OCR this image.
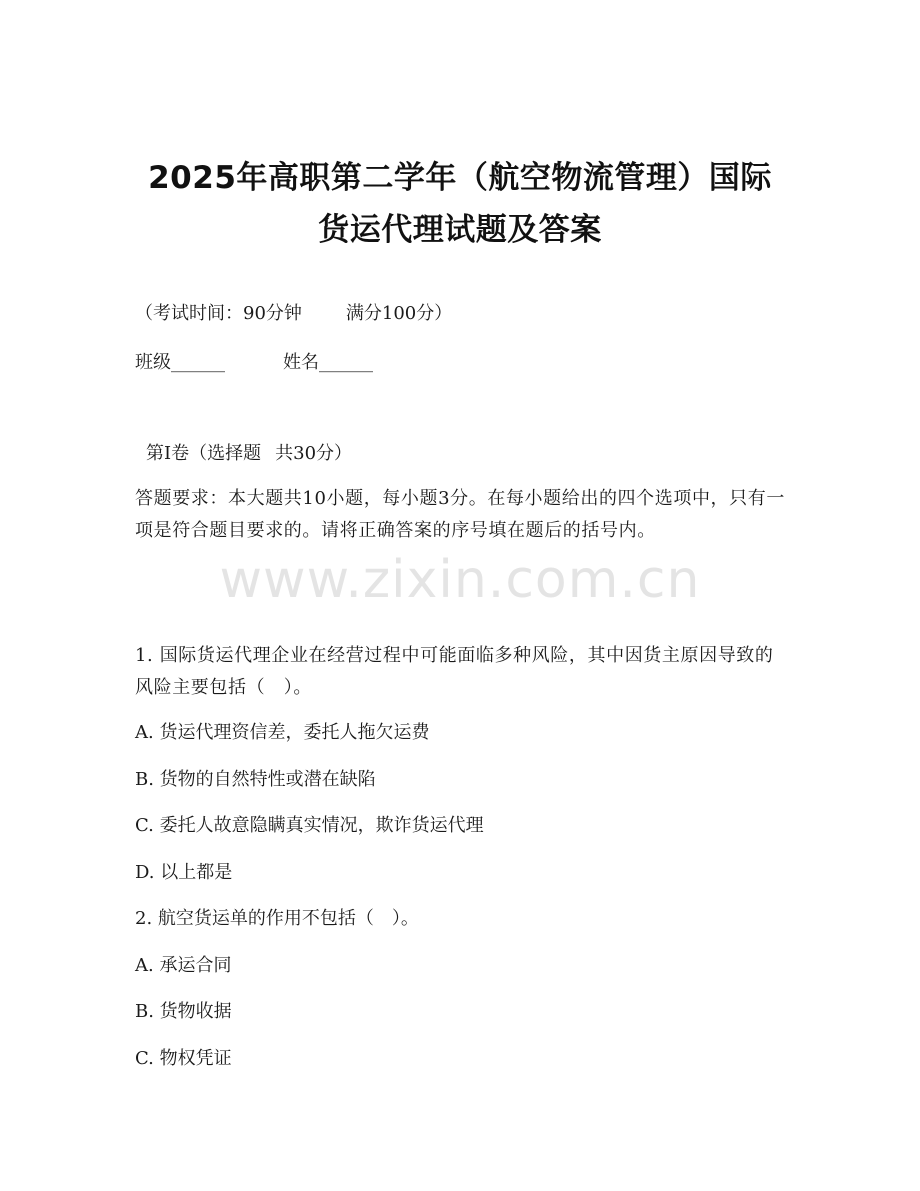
2025年高职第二学年（航空物流管理）国际
货运代理试题及答案
（考试时间：90分钟 满分100分）
班级______	姓名______
第I卷（选择题 共30分）
答题要求：本大题共10小题，每小题3分。在每小题给出的四个选项中，只有一项是符合题目要求的。请将正确答案的序号填在题后的括号内。
www.zixin.com.cn
1. 国际货运代理企业在经营过程中可能面临多种风险，其中因货主原因导致的风险主要包括（　）。
A. 货运代理资信差，委托人拖欠运费
B. 货物的自然特性或潜在缺陷
C. 委托人故意隐瞒真实情况，欺诈货运代理
D. 以上都是
2. 航空货运单的作用不包括（　）。
A. 承运合同
B. 货物收据
C. 物权凭证
